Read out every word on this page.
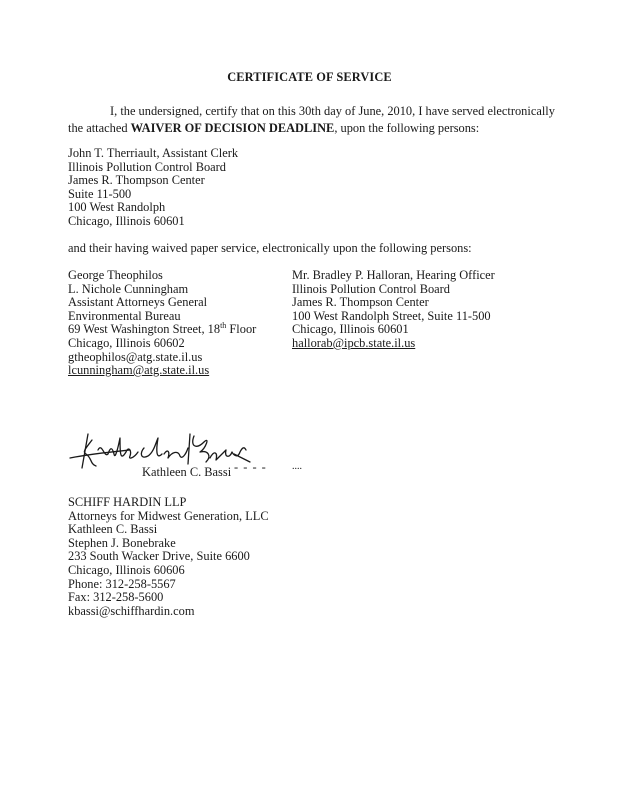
CERTIFICATE OF SERVICE
I, the undersigned, certify that on this 30th day of June, 2010, I have served electronically
the attached WAIVER OF DECISION DEADLINE, upon the following persons:
John T. Therriault, Assistant Clerk
Illinois Pollution Control Board
James R. Thompson Center
Suite 11-500
100 West Randolph
Chicago, Illinois 60601
and their having waived paper service, electronically upon the following persons:
George Theophilos
L. Nichole Cunningham
Assistant Attorneys General
Environmental Bureau
69 West Washington Street, 18th Floor
Chicago, Illinois 60602
gtheophilos@atg.state.il.us
lcunningham@atg.state.il.us
Mr. Bradley P. Halloran, Hearing Officer
Illinois Pollution Control Board
James R. Thompson Center
100 West Randolph Street, Suite 11-500
Chicago, Illinois 60601
hallorab@ipcb.state.il.us
- - - -	....
Kathleen C. Bassi
SCHIFF HARDIN LLP
Attorneys for Midwest Generation, LLC
Kathleen C. Bassi
Stephen J. Bonebrake
233 South Wacker Drive, Suite 6600
Chicago, Illinois 60606
Phone: 312-258-5567
Fax: 312-258-5600
kbassi@schiffhardin.com
